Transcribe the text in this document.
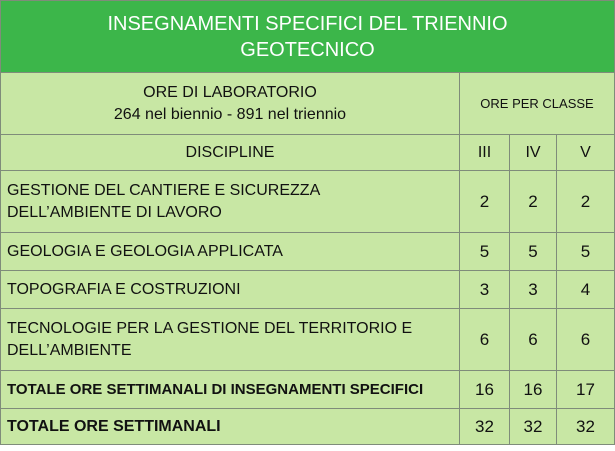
INSEGNAMENTI SPECIFICI DEL TRIENNIO
GEOTECNICO			

ORE DI LABORATORIO
264 nel biennio - 891 nel triennio	ORE PER CLASSE		
DISCIPLINE	III	IV	V

GESTIONE DEL CANTIERE E SICUREZZA
DELL’AMBIENTE DI LAVORO	2	2	2
GEOLOGIA E GEOLOGIA APPLICATA	5	5	5
TOPOGRAFIA E COSTRUZIONI	3	3	4

TECNOLOGIE PER LA GESTIONE DEL TERRITORIO E
DELL’AMBIENTE	6	6	6
TOTALE ORE SETTIMANALI DI INSEGNAMENTI SPECIFICI	16	16	17
TOTALE ORE SETTIMANALI	32	32	32
